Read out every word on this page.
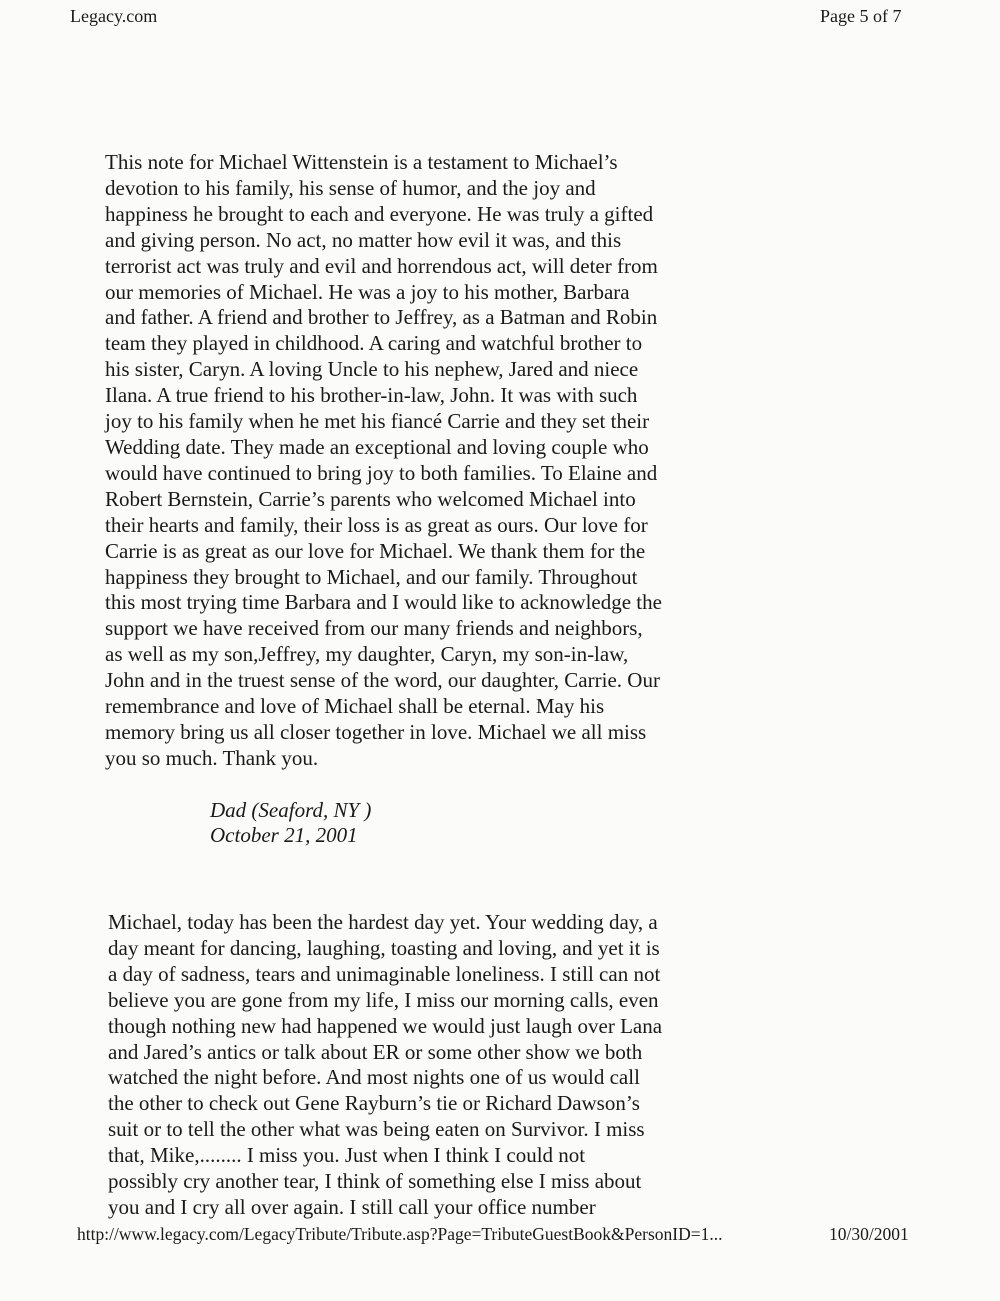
Legacy.com	Page 5 of 7
This note for Michael Wittenstein is a testament to Michael’s
devotion to his family, his sense of humor, and the joy and
happiness he brought to each and everyone. He was truly a gifted
and giving person. No act, no matter how evil it was, and this
terrorist act was truly and evil and horrendous act, will deter from
our memories of Michael. He was a joy to his mother, Barbara
and father. A friend and brother to Jeffrey, as a Batman and Robin
team they played in childhood. A caring and watchful brother to
his sister, Caryn. A loving Uncle to his nephew, Jared and niece
Ilana. A true friend to his brother-in-law, John. It was with such
joy to his family when he met his fiancé Carrie and they set their
Wedding date. They made an exceptional and loving couple who
would have continued to bring joy to both families. To Elaine and
Robert Bernstein, Carrie’s parents who welcomed Michael into
their hearts and family, their loss is as great as ours. Our love for
Carrie is as great as our love for Michael. We thank them for the
happiness they brought to Michael, and our family. Throughout
this most trying time Barbara and I would like to acknowledge the
support we have received from our many friends and neighbors,
as well as my son,Jeffrey, my daughter, Caryn, my son-in-law,
John and in the truest sense of the word, our daughter, Carrie. Our
remembrance and love of Michael shall be eternal. May his
memory bring us all closer together in love. Michael we all miss
you so much. Thank you.
Dad (Seaford, NY )
October 21, 2001
Michael, today has been the hardest day yet. Your wedding day, a
day meant for dancing, laughing, toasting and loving, and yet it is
a day of sadness, tears and unimaginable loneliness. I still can not
believe you are gone from my life, I miss our morning calls, even
though nothing new had happened we would just laugh over Lana
and Jared’s antics or talk about ER or some other show we both
watched the night before. And most nights one of us would call
the other to check out Gene Rayburn’s tie or Richard Dawson’s
suit or to tell the other what was being eaten on Survivor. I miss
that, Mike,........ I miss you. Just when I think I could not
possibly cry another tear, I think of something else I miss about
you and I cry all over again. I still call your office number
http://www.legacy.com/LegacyTribute/Tribute.asp?Page=TributeGuestBook&PersonID=1...	10/30/2001
